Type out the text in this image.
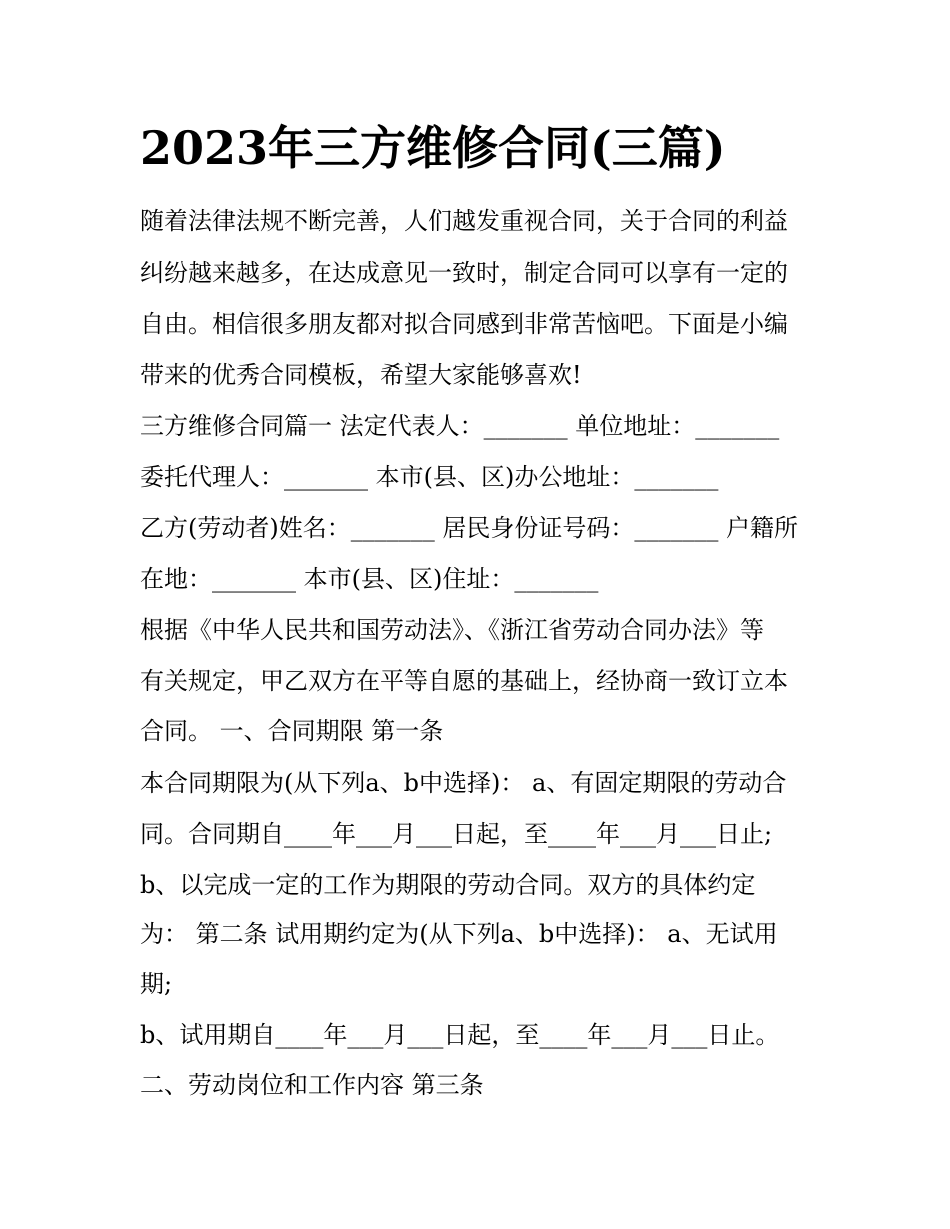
2023年三方维修合同(三篇)

随着法律法规不断完善，人们越发重视合同，关于合同的利益

纠纷越来越多，在达成意见一致时，制定合同可以享有一定的

自由。相信很多朋友都对拟合同感到非常苦恼吧。下面是小编

带来的优秀合同模板，希望大家能够喜欢!

三方维修合同篇一 法定代表人：_______ 单位地址：_______

委托代理人：_______ 本市(县、区)办公地址：_______

乙方(劳动者)姓名：_______ 居民身份证号码：_______ 户籍所

在地：_______ 本市(县、区)住址：_______

根据《中华人民共和国劳动法》、《浙江省劳动合同办法》等

有关规定，甲乙双方在平等自愿的基础上，经协商一致订立本

合同。 一、合同期限 第一条

本合同期限为(从下列a、b中选择)： a、有固定期限的劳动合

同。合同期自____年___月___日起，至____年___月___日止;

b、以完成一定的工作为期限的劳动合同。双方的具体约定

为： 第二条 试用期约定为(从下列a、b中选择)： a、无试用

期;

b、试用期自____年___月___日起，至____年___月___日止。

二、劳动岗位和工作内容 第三条
